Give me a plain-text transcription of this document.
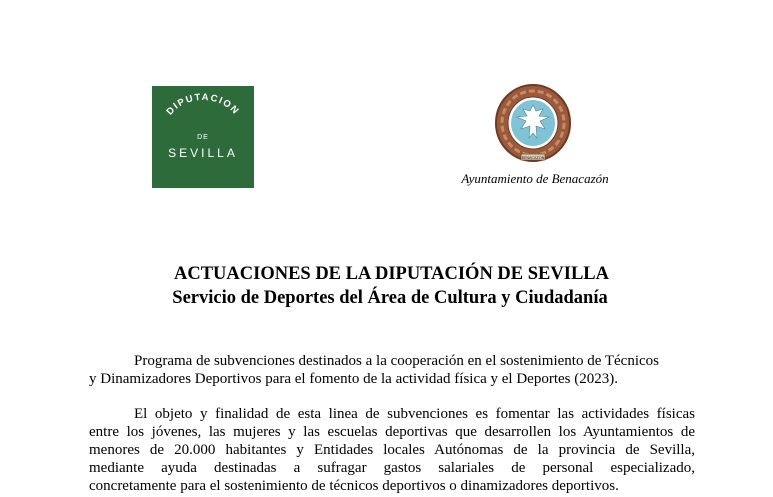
DIPUTACION
DE
SEVILLA	BENACAZON
Ayuntamiento de Benacazón
ACTUACIONES DE LA DIPUTACIÓN DE SEVILLA
Servicio de Deportes del Área de Cultura y Ciudadanía
Programa de subvenciones destinados a la cooperación en el sostenimiento de Técnicos
y Dinamizadores Deportivos para el fomento de la actividad física y el Deportes (2023).
El objeto y finalidad de esta linea de subvenciones es fomentar las actividades físicas
entre los jóvenes, las mujeres y las escuelas deportivas que desarrollen los Ayuntamientos de
menores de 20.000 habitantes y Entidades locales Autónomas de la provincia de Sevilla,
mediante ayuda destinadas a sufragar gastos salariales de personal especializado,
concretamente para el sostenimiento de técnicos deportivos o dinamizadores deportivos.
